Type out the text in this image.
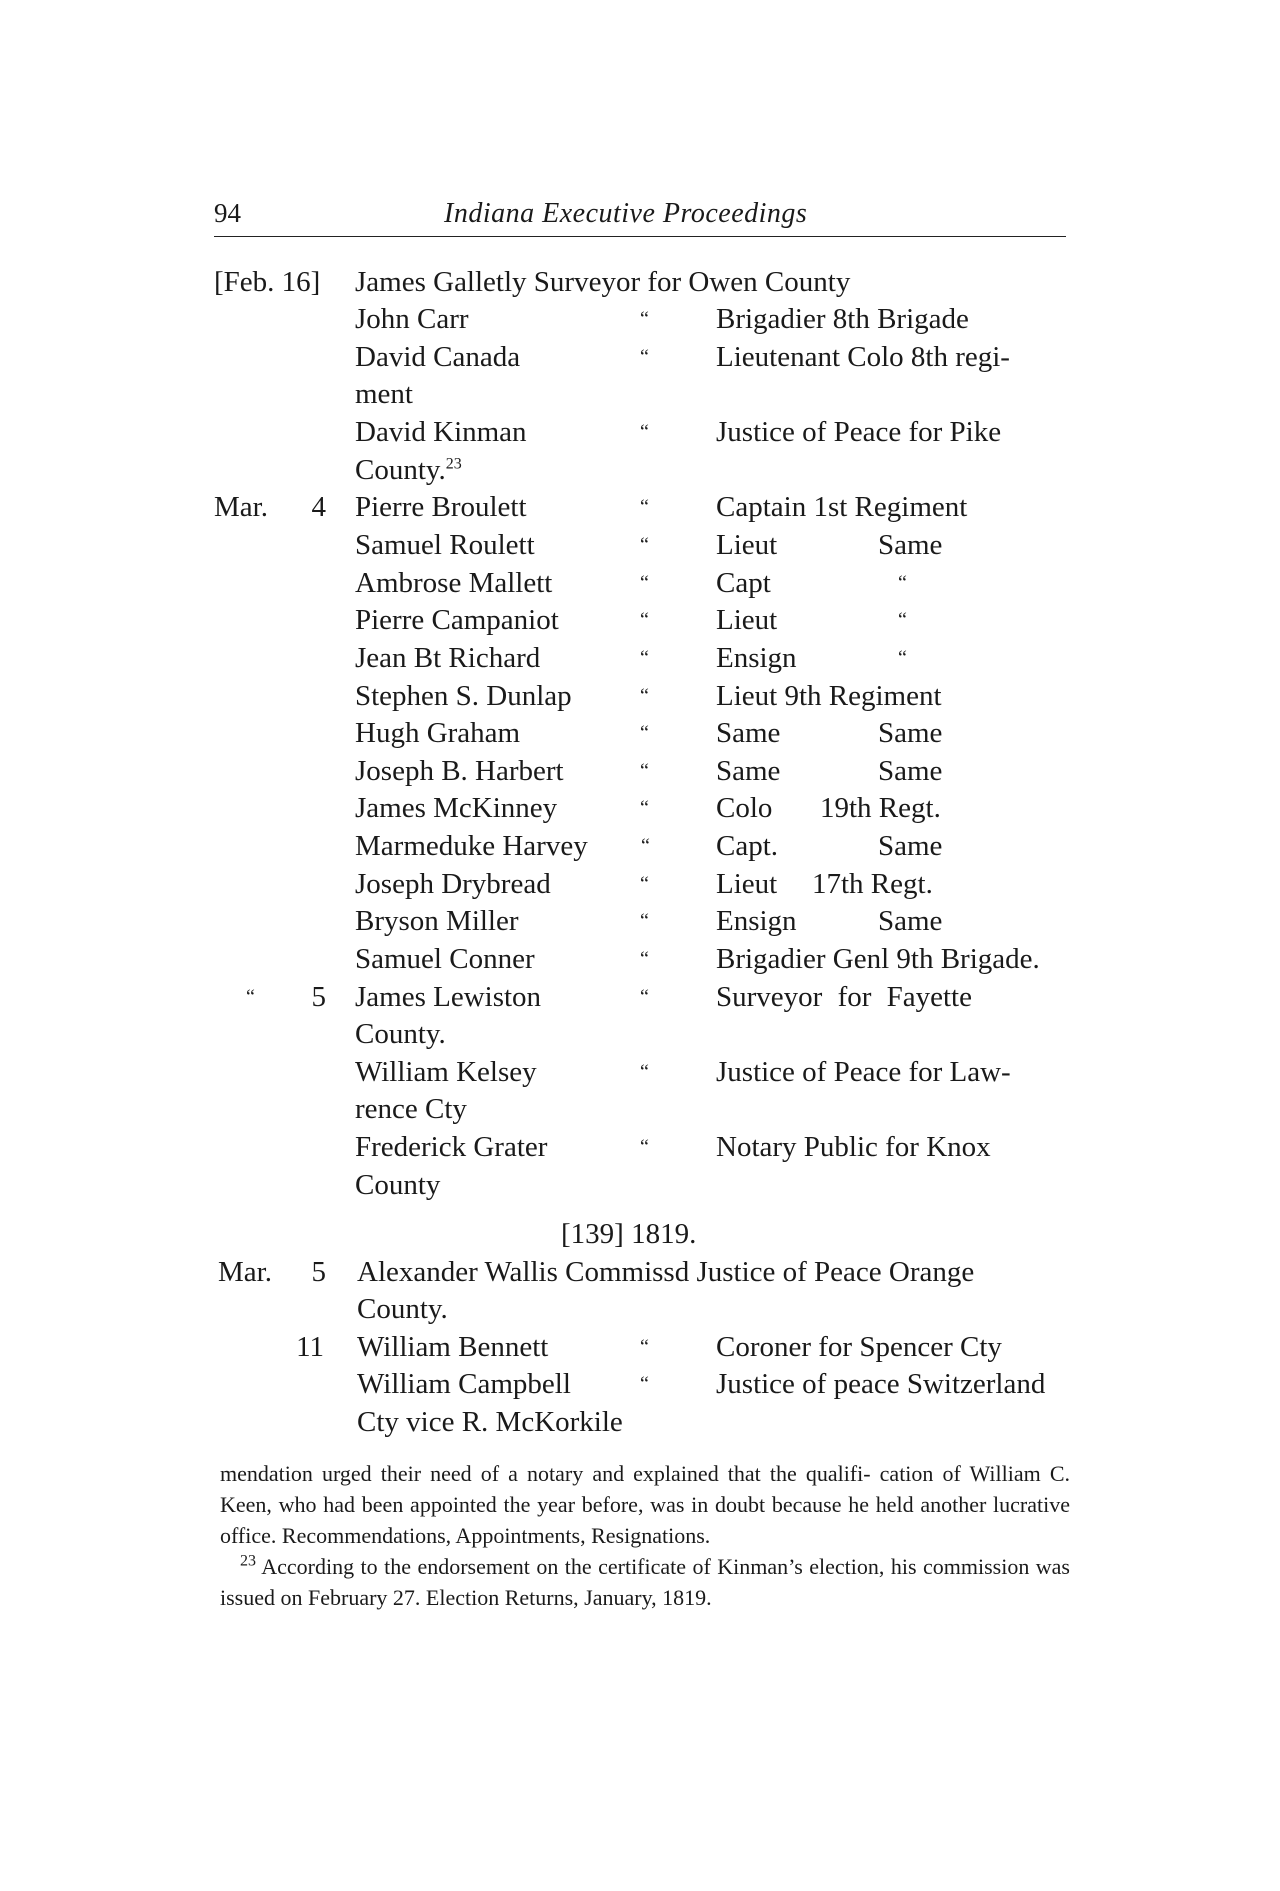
94	Indiana Executive Proceedings
[Feb. 16] James Galletly Surveyor for Owen County
John Carr	“ Brigadier 8th Brigade
David Canada	“ Lieutenant Colo 8th regi-
ment
David Kinman	“ Justice of Peace for Pike
County.$^{23}$
Mar.	4 Pierre Broulett	“ Captain 1st Regiment
Samuel Roulett	“ Lieut	Same
Ambrose Mallett	“ Capt	“
Pierre Campaniot	“ Lieut	“
Jean Bt Richard	“ Ensign	“
Stephen S. Dunlap	“ Lieut 9th Regiment
Hugh Graham	“ Same	Same
Joseph B. Harbert	“ Same	Same
James McKinney	“ Colo 19th Regt.
Marmeduke Harvey	“ Capt.	Same
Joseph Drybread	“ Lieut 17th Regt.
Bryson Miller	“ Ensign	Same
Samuel Conner	“ Brigadier Genl 9th Brigade.
“	5 James Lewiston	“ Surveyor for Fayette
County.
William Kelsey	“ Justice of Peace for Law-
rence Cty
Frederick Grater	“ Notary Public for Knox
County
[139] 1819.
Mar.	5 Alexander Wallis Commissd Justice of Peace Orange
County.
11 William Bennett	“ Coroner for Spencer Cty
William Campbell	“ Justice of peace Switzerland
Cty vice R. McKorkile

mendation urged their need of a notary and explained that the qualifi- cation of William C. Keen, who had been appointed the year before, was in doubt because he held another lucrative office. Recommendations, Appointments, Resignations.

$^{23}$ According to the endorsement on the certificate of Kinman’s election, his commission was issued on February 27. Election Returns, January, 1819.
